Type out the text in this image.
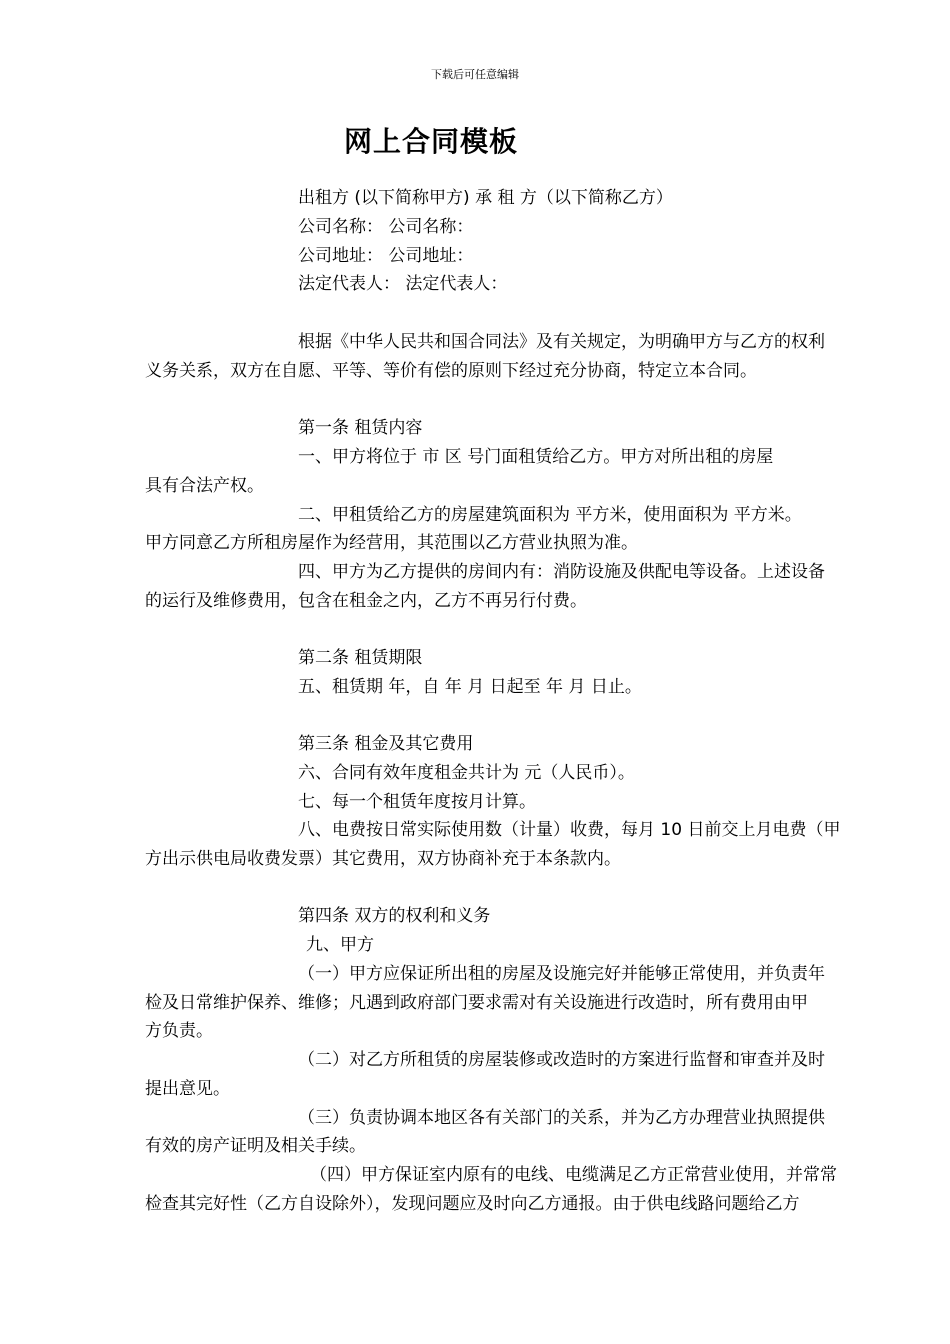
下载后可任意编辑
网上合同模板
出租方 (以下简称甲方) 承 租 方（以下简称乙方）
公司名称： 公司名称：
公司地址： 公司地址：
法定代表人： 法定代表人：
根据《中华人民共和国合同法》及有关规定，为明确甲方与乙方的权利
义务关系，双方在自愿、平等、等价有偿的原则下经过充分协商，特定立本合同。
第一条 租赁内容
一、甲方将位于 市 区 号门面租赁给乙方。甲方对所出租的房屋
具有合法产权。
二、甲租赁给乙方的房屋建筑面积为 平方米，使用面积为 平方米。
甲方同意乙方所租房屋作为经营用，其范围以乙方营业执照为准。
四、甲方为乙方提供的房间内有：消防设施及供配电等设备。上述设备
的运行及维修费用，包含在租金之内，乙方不再另行付费。
第二条 租赁期限
五、租赁期 年，自 年 月 日起至 年 月 日止。
第三条 租金及其它费用
六、合同有效年度租金共计为 元（人民币）。
七、每一个租赁年度按月计算。
八、电费按日常实际使用数（计量）收费，每月 10 日前交上月电费（甲
方出示供电局收费发票）其它费用，双方协商补充于本条款内。
第四条 双方的权利和义务
九、甲方
（一）甲方应保证所出租的房屋及设施完好并能够正常使用，并负责年
检及日常维护保养、维修；凡遇到政府部门要求需对有关设施进行改造时，所有费用由甲
方负责。
（二）对乙方所租赁的房屋装修或改造时的方案进行监督和审查并及时
提出意见。
（三）负责协调本地区各有关部门的关系，并为乙方办理营业执照提供
有效的房产证明及相关手续。
（四）甲方保证室内原有的电线、电缆满足乙方正常营业使用，并常常
检查其完好性（乙方自设除外），发现问题应及时向乙方通报。由于供电线路问题给乙方
